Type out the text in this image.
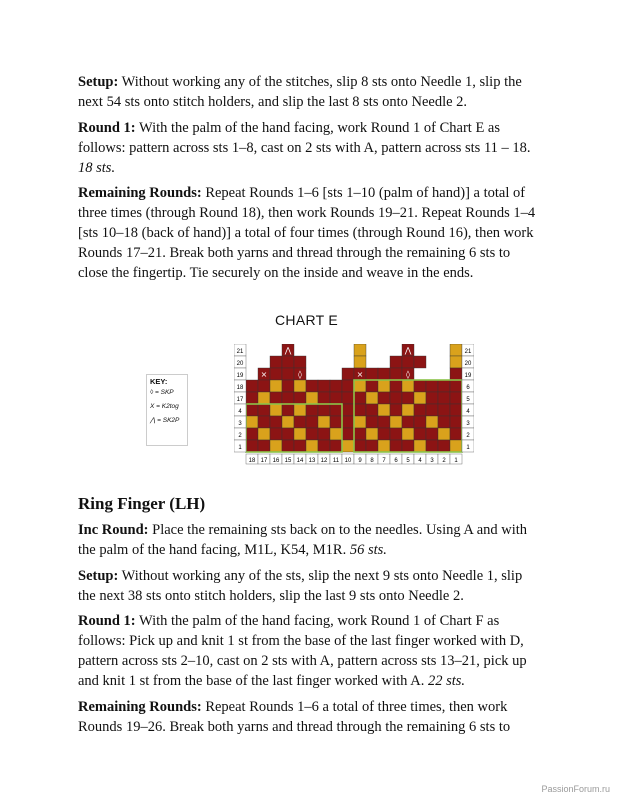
Setup: Without working any of the stitches, slip 8 sts onto Needle 1, slip the next 54 sts onto stitch holders, and slip the last 8 sts onto Needle 2.

Round 1: With the palm of the hand facing, work Round 1 of Chart E as follows: pattern across sts 1–8, cast on 2 sts with A, pattern across sts 11 – 18. 18 sts.

Remaining Rounds: Repeat Rounds 1–6 [sts 1–10 (palm of hand)] a total of three times (through Round 18), then work Rounds 19–21. Repeat Rounds 1–4 [sts 10–18 (back of hand)] a total of four times (through Round 16), then work Rounds 17–21. Break both yarns and thread through the remaining 6 sts to close the fingertip. Tie securely on the inside and weave in the ends.

CHART E
KEY:
◊ = SKP
X = K2tog
⋀ = SK2P
⋀	⋀
×	◊	×	◊
21
20
19
18
17
4
3
2
1
21
20
19
6
5
4
3
2
1
18 17 16 15 14 13 12 11 10 9 8 7 6 5 4 3 2 1
Ring Finger (LH)

Inc Round: Place the remaining sts back on to the needles. Using A and with the palm of the hand facing, M1L, K54, M1R. 56 sts.

Setup: Without working any of the sts, slip the next 9 sts onto Needle 1, slip the next 38 sts onto stitch holders, slip the last 9 sts onto Needle 2.

Round 1: With the palm of the hand facing, work Round 1 of Chart F as follows: Pick up and knit 1 st from the base of the last finger worked with D, pattern across sts 2–10, cast on 2 sts with A, pattern across sts 13–21, pick up and knit 1 st from the base of the last finger worked with A. 22 sts.

Remaining Rounds: Repeat Rounds 1–6 a total of three times, then work Rounds 19–26. Break both yarns and thread through the remaining 6 sts to

PassionForum.ru
